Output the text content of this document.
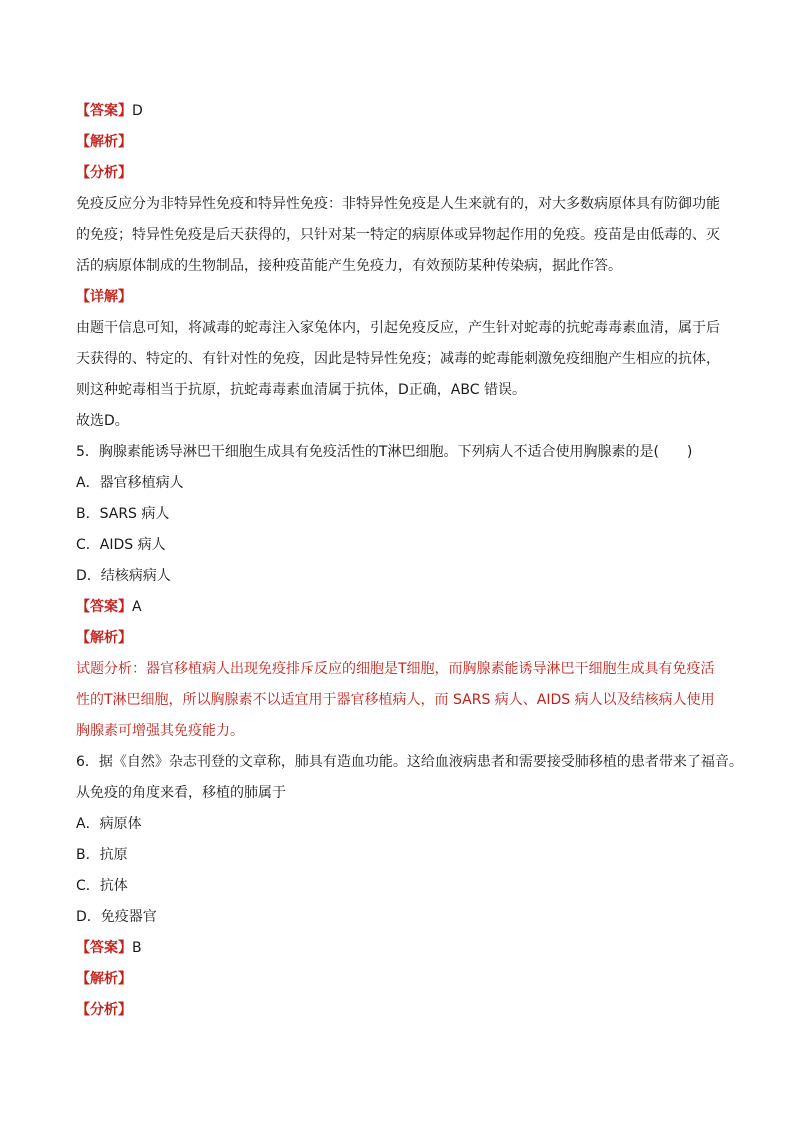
【答案】D
【解析】
【分析】
免疫反应分为非特异性免疫和特异性免疫：非特异性免疫是人生来就有的，对大多数病原体具有防御功能
的免疫；特异性免疫是后天获得的，只针对某一特定的病原体或异物起作用的免疫。疫苗是由低毒的、灭
活的病原体制成的生物制品，接种疫苗能产生免疫力，有效预防某种传染病，据此作答。
【详解】
由题干信息可知，将减毒的蛇毒注入家兔体内，引起免疫反应，产生针对蛇毒的抗蛇毒毒素血清，属于后
天获得的、特定的、有针对性的免疫，因此是特异性免疫；减毒的蛇毒能刺激免疫细胞产生相应的抗体，
则这种蛇毒相当于抗原，抗蛇毒毒素血清属于抗体，D正确，ABC 错误。
故选D。
5．胸腺素能诱导淋巴干细胞生成具有免疫活性的T淋巴细胞。下列病人不适合使用胸腺素的是(　　)
A．器官移植病人
B．SARS 病人
C．AIDS 病人
D．结核病病人
【答案】A
【解析】
试题分析：器官移植病人出现免疫排斥反应的细胞是T细胞，而胸腺素能诱导淋巴干细胞生成具有免疫活
性的T淋巴细胞，所以胸腺素不以适宜用于器官移植病人，而 SARS 病人、AIDS 病人以及结核病人使用
胸腺素可增强其免疫能力。
6．据《自然》杂志刊登的文章称，肺具有造血功能。这给血液病患者和需要接受肺移植的患者带来了福音。
从免疫的角度来看，移植的肺属于
A．病原体
B．抗原
C．抗体
D．免疫器官
【答案】B
【解析】
【分析】
